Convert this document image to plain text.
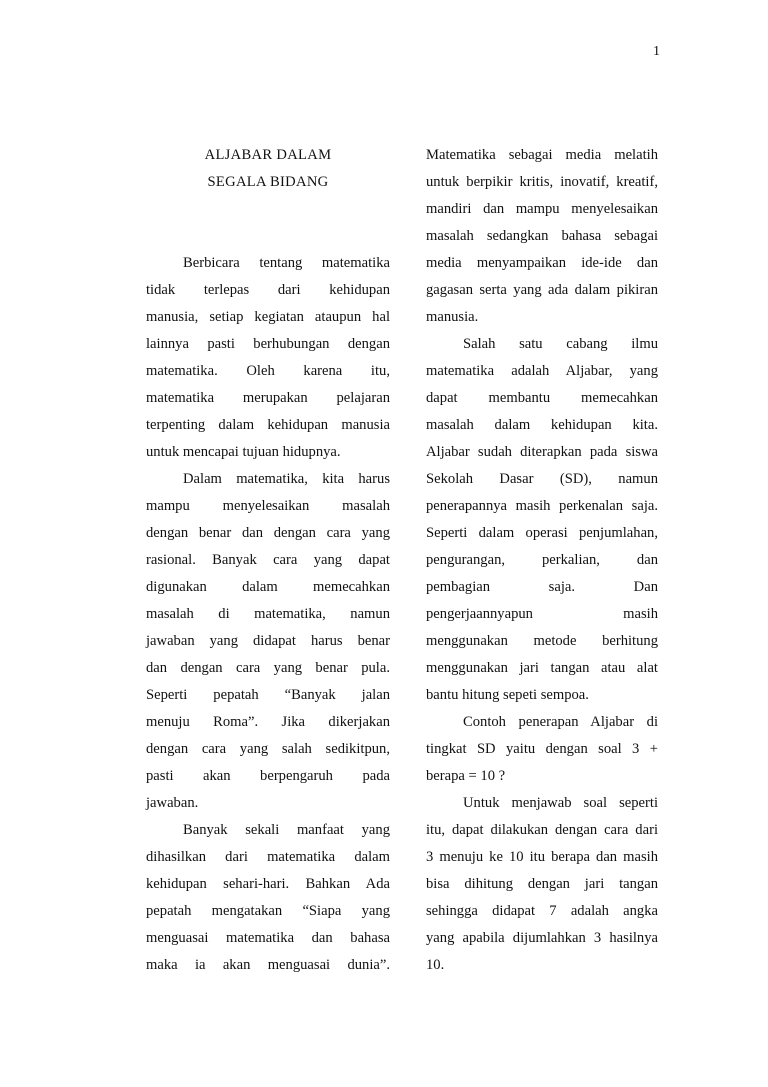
1
ALJABAR DALAM
SEGALA BIDANG
Berbicara tentang matematika
tidak terlepas dari kehidupan
manusia, setiap kegiatan ataupun hal
lainnya pasti berhubungan dengan
matematika. Oleh karena itu,
matematika merupakan pelajaran
terpenting dalam kehidupan manusia
untuk mencapai tujuan hidupnya.
Dalam matematika, kita harus
mampu menyelesaikan masalah
dengan benar dan dengan cara yang
rasional. Banyak cara yang dapat
digunakan dalam memecahkan
masalah di matematika, namun
jawaban yang didapat harus benar
dan dengan cara yang benar pula.
Seperti pepatah “Banyak jalan
menuju Roma”. Jika dikerjakan
dengan cara yang salah sedikitpun,
pasti akan berpengaruh pada
jawaban.
Banyak sekali manfaat yang
dihasilkan dari matematika dalam
kehidupan sehari-hari. Bahkan Ada
pepatah mengatakan “Siapa yang
menguasai matematika dan bahasa
maka ia akan menguasai dunia”.
Matematika sebagai media melatih
untuk berpikir kritis, inovatif, kreatif,
mandiri dan mampu menyelesaikan
masalah sedangkan bahasa sebagai
media menyampaikan ide-ide dan
gagasan serta yang ada dalam pikiran
manusia.
Salah satu cabang ilmu
matematika adalah Aljabar, yang
dapat membantu memecahkan
masalah dalam kehidupan kita.
Aljabar sudah diterapkan pada siswa
Sekolah Dasar (SD), namun
penerapannya masih perkenalan saja.
Seperti dalam operasi penjumlahan,
pengurangan, perkalian, dan
pembagian saja. Dan
pengerjaannyapun masih
menggunakan metode berhitung
menggunakan jari tangan atau alat
bantu hitung sepeti sempoa.
Contoh penerapan Aljabar di
tingkat SD yaitu dengan soal 3 +
berapa = 10 ?
Untuk menjawab soal seperti
itu, dapat dilakukan dengan cara dari
3 menuju ke 10 itu berapa dan masih
bisa dihitung dengan jari tangan
sehingga didapat 7 adalah angka
yang apabila dijumlahkan 3 hasilnya
10.
